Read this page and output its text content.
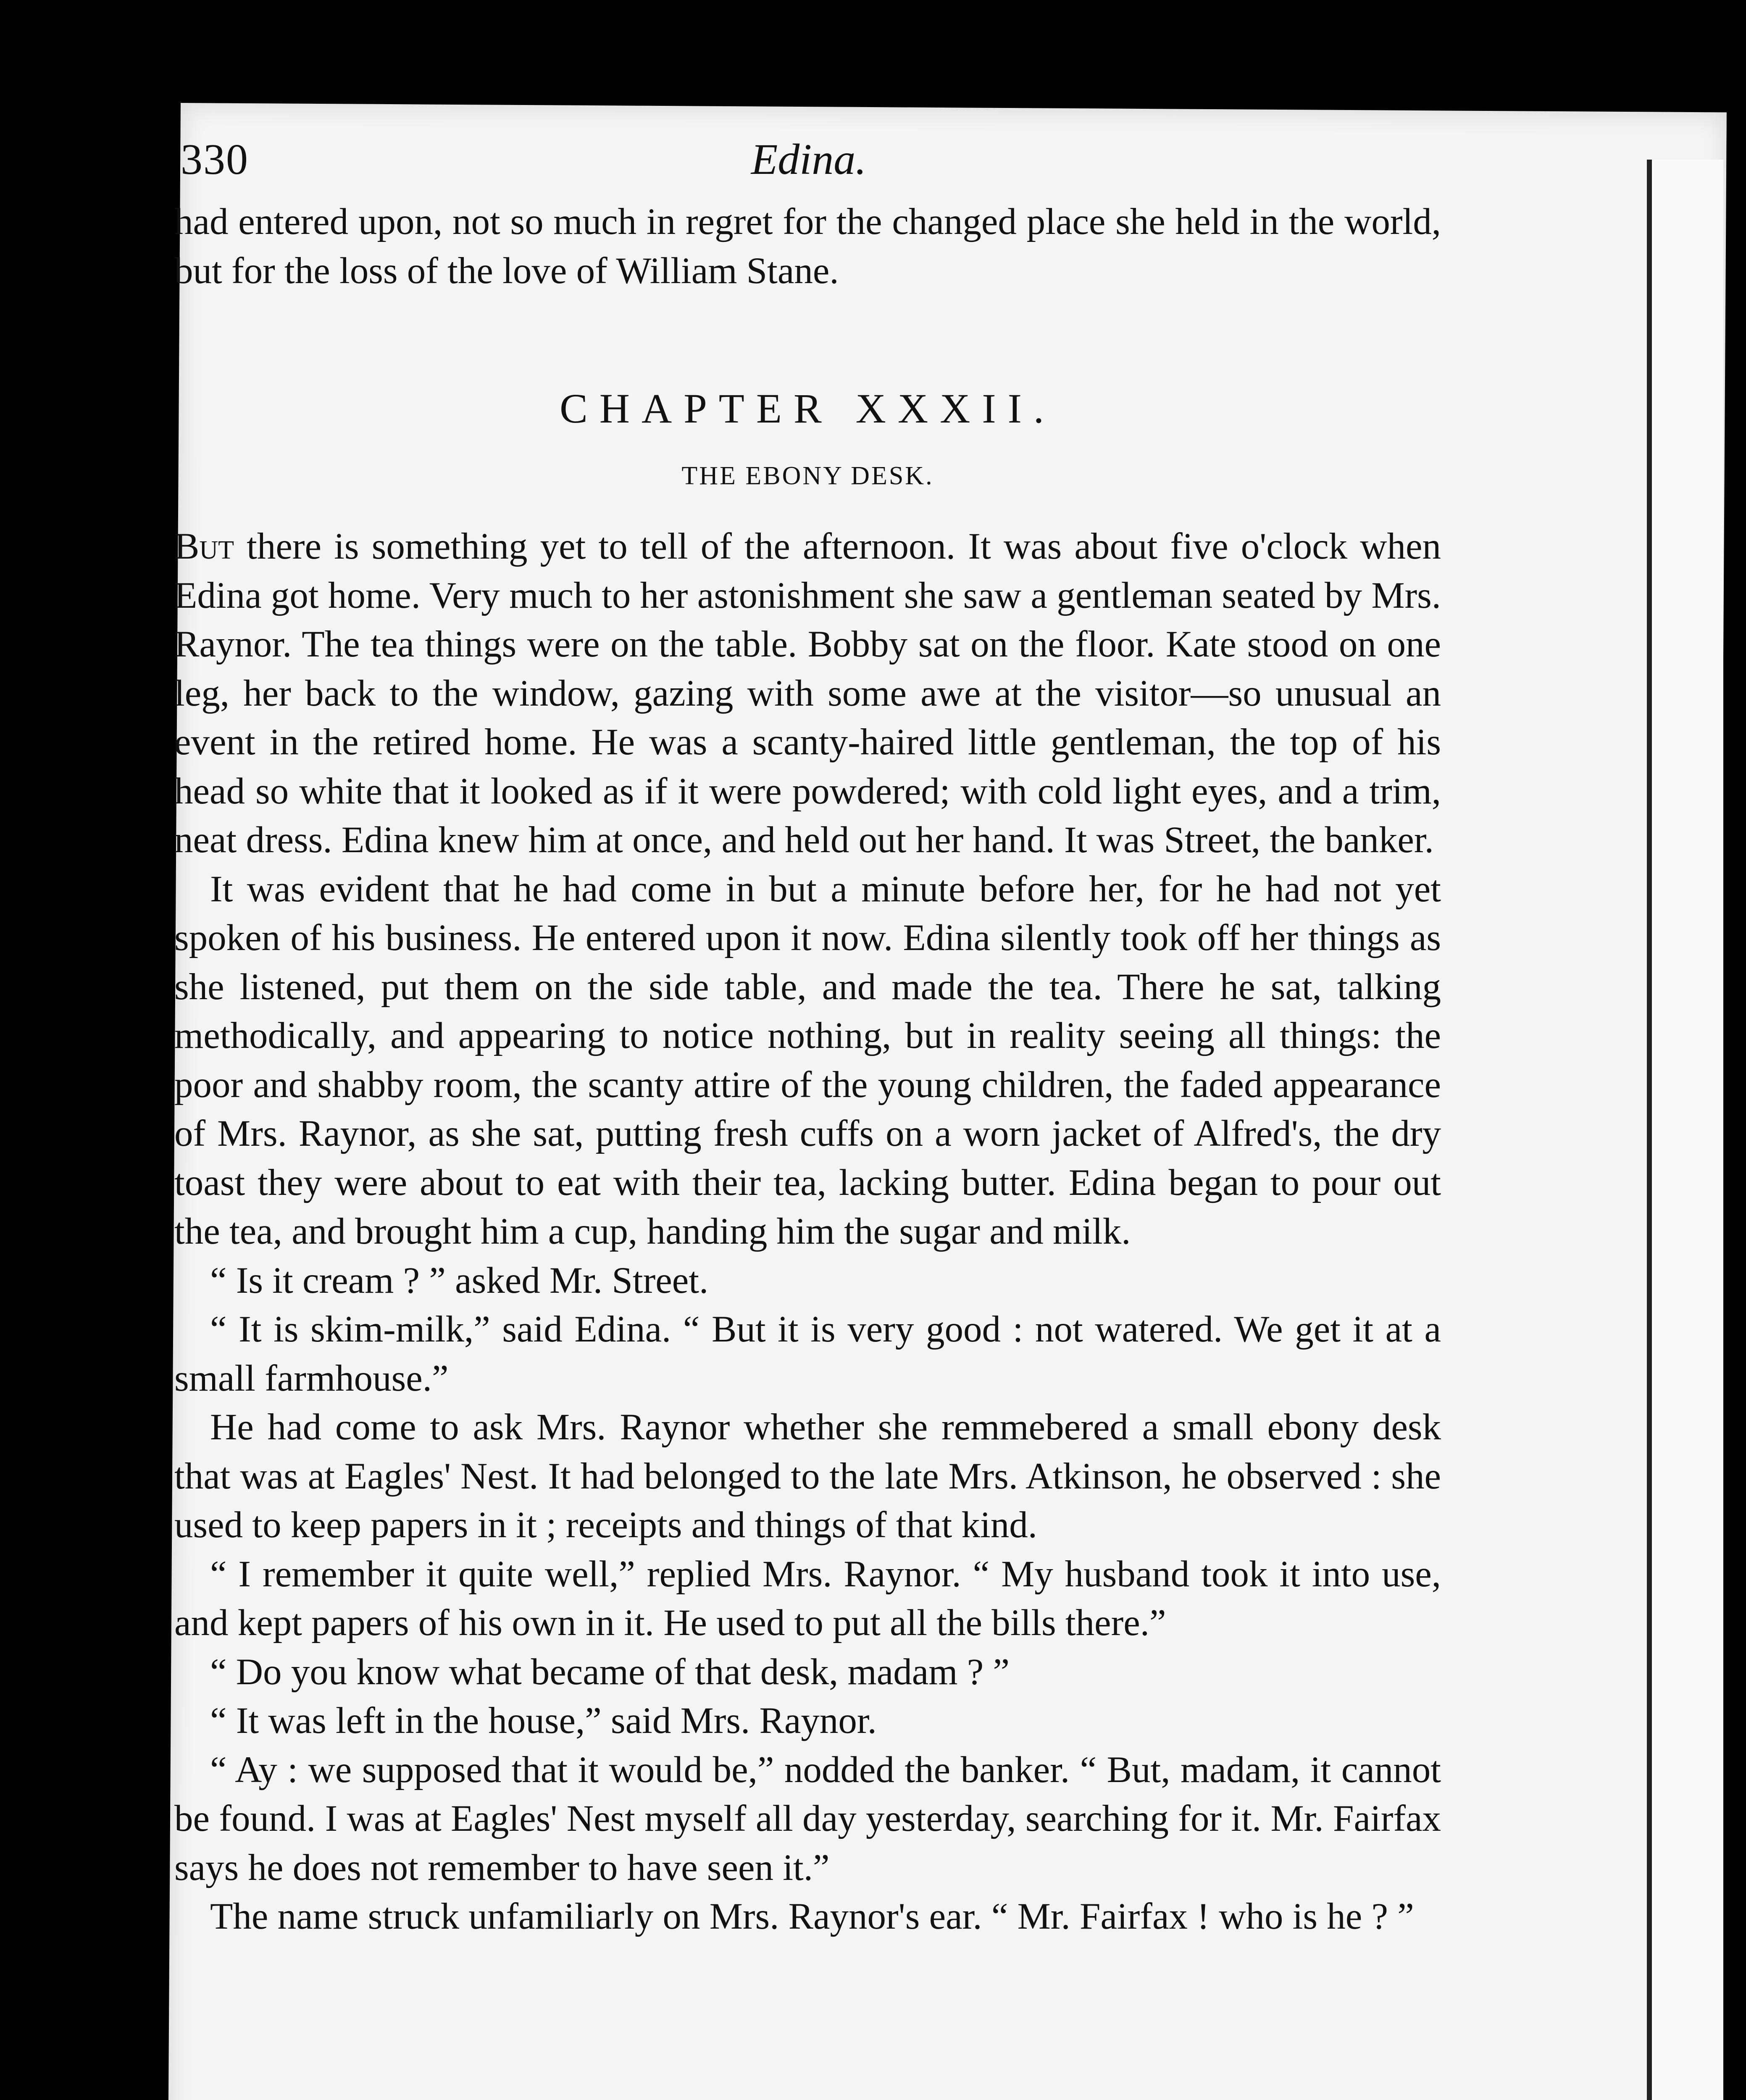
330	Edina.

had entered upon, not so much in regret for the changed place she held in the world, but for the loss of the love of William Stane.

CHAPTER XXXII.
THE EBONY DESK.

But there is something yet to tell of the afternoon. It was about five o'clock when Edina got home. Very much to her astonishment she saw a gentleman seated by Mrs. Raynor. The tea things were on the table. Bobby sat on the floor. Kate stood on one leg, her back to the window, gazing with some awe at the visitor—so unusual an event in the retired home. He was a scanty-haired little gentleman, the top of his head so white that it looked as if it were powdered; with cold light eyes, and a trim, neat dress. Edina knew him at once, and held out her hand. It was Street, the banker.

It was evident that he had come in but a minute before her, for he had not yet spoken of his business. He entered upon it now. Edina silently took off her things as she listened, put them on the side table, and made the tea. There he sat, talking methodically, and appearing to notice nothing, but in reality seeing all things: the poor and shabby room, the scanty attire of the young children, the faded appearance of Mrs. Raynor, as she sat, putting fresh cuffs on a worn jacket of Alfred's, the dry toast they were about to eat with their tea, lacking butter. Edina began to pour out the tea, and brought him a cup, handing him the sugar and milk.

“ Is it cream ? ” asked Mr. Street.

“ It is skim-milk,” said Edina. “ But it is very good : not watered. We get it at a small farmhouse.”

He had come to ask Mrs. Raynor whether she remmebered a small ebony desk that was at Eagles' Nest. It had belonged to the late Mrs. Atkinson, he observed : she used to keep papers in it ; receipts and things of that kind.

“ I remember it quite well,” replied Mrs. Raynor. “ My husband took it into use, and kept papers of his own in it. He used to put all the bills there.”

“ Do you know what became of that desk, madam ? ”

“ It was left in the house,” said Mrs. Raynor.

“ Ay : we supposed that it would be,” nodded the banker. “ But, madam, it cannot be found. I was at Eagles' Nest myself all day yesterday, searching for it. Mr. Fairfax says he does not remember to have seen it.”

The name struck unfamiliarly on Mrs. Raynor's ear. “ Mr. Fairfax ! who is he ? ”
